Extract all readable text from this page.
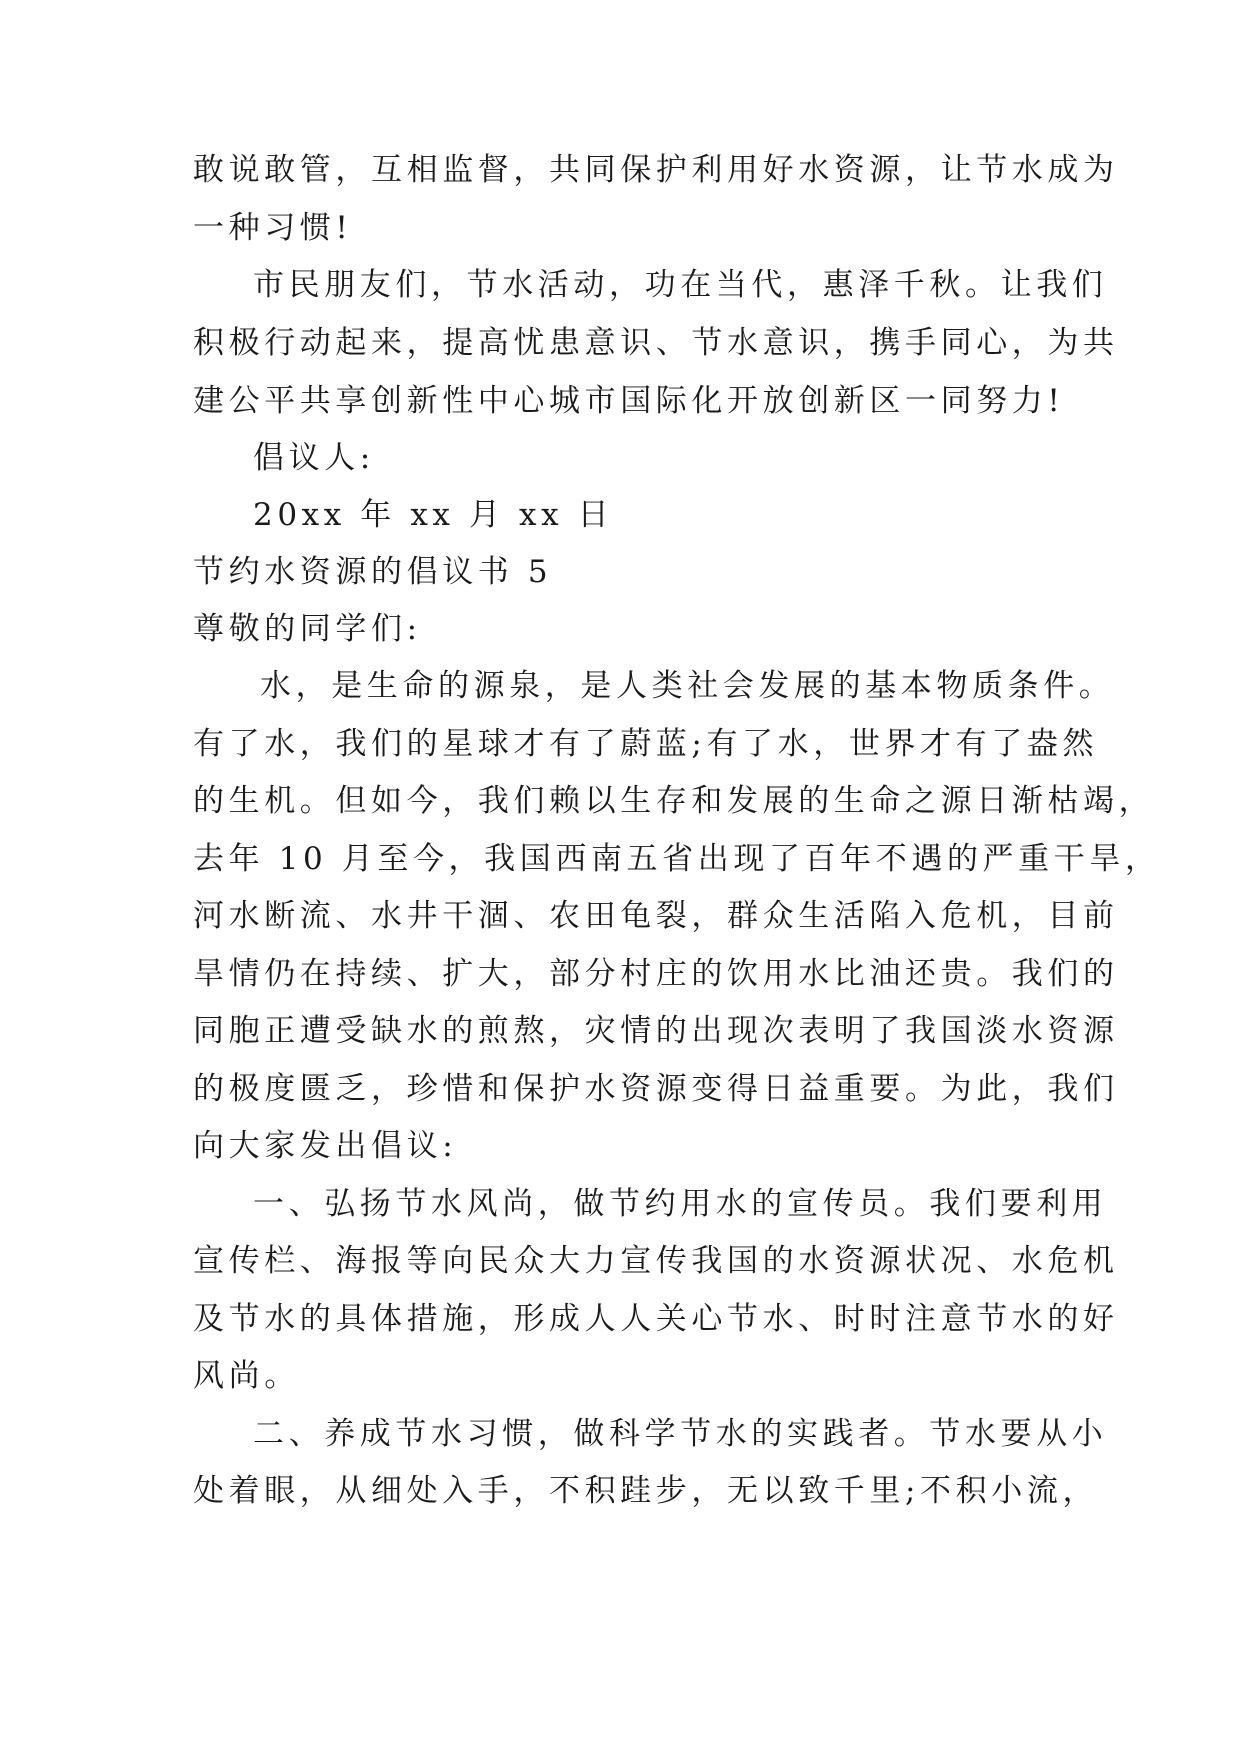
敢说敢管，互相监督，共同保护利用好水资源，让节水成为

一种习惯!

市民朋友们，节水活动，功在当代，惠泽千秋。让我们

积极行动起来，提高忧患意识、节水意识，携手同心，为共

建公平共享创新性中心城市国际化开放创新区一同努力!

倡议人:

20xx 年 xx 月 xx 日

节约水资源的倡议书 5

尊敬的同学们:

水，是生命的源泉，是人类社会发展的基本物质条件。

有了水，我们的星球才有了蔚蓝;有了水，世界才有了盎然

的生机。但如今，我们赖以生存和发展的生命之源日渐枯竭，

去年 10 月至今，我国西南五省出现了百年不遇的严重干旱，

河水断流、水井干涸、农田龟裂，群众生活陷入危机，目前

旱情仍在持续、扩大，部分村庄的饮用水比油还贵。我们的

同胞正遭受缺水的煎熬，灾情的出现次表明了我国淡水资源

的极度匮乏，珍惜和保护水资源变得日益重要。为此，我们

向大家发出倡议:

一、弘扬节水风尚，做节约用水的宣传员。我们要利用

宣传栏、海报等向民众大力宣传我国的水资源状况、水危机

及节水的具体措施，形成人人关心节水、时时注意节水的好

风尚。

二、养成节水习惯，做科学节水的实践者。节水要从小

处着眼，从细处入手，不积跬步，无以致千里;不积小流，
